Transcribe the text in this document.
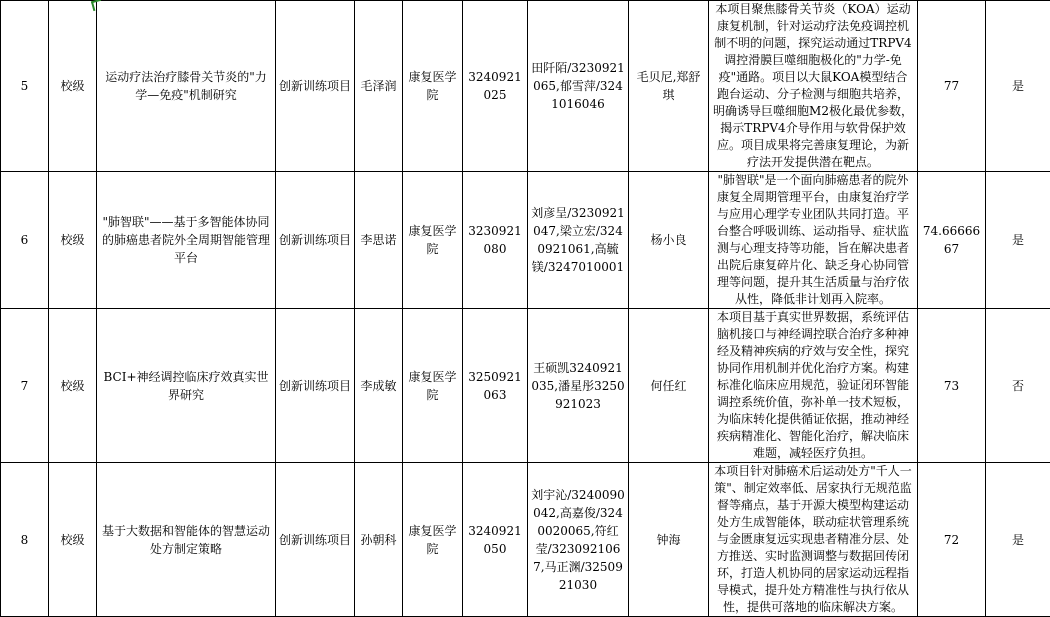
5	校级	运动疗法治疗膝骨关节炎的"力学—免疫"机制研究	创新训练项目	毛泽润	康复医学院	3240921025	田阡陌/3230921065,郁雪萍/3241016046	毛贝尼,郑舒琪	本项目聚焦膝骨关节炎（KOA）运动康复机制，针对运动疗法免疫调控机制不明的问题，探究运动通过TRPV4调控滑膜巨噬细胞极化的"力学-免疫"通路。项目以大鼠KOA模型结合跑台运动、分子检测与细胞共培养，明确诱导巨噬细胞M2极化最优参数，揭示TRPV4介导作用与软骨保护效应。项目成果将完善康复理论，为新疗法开发提供潜在靶点。	77	是
6	校级	"肺智联"——基于多智能体协同的肺癌患者院外全周期智能管理平台	创新训练项目	李思诺	康复医学院	3230921080	刘彦呈/3230921047,梁立宏/3240921061,高毓镁/3247010001	杨小良	"肺智联"是一个面向肺癌患者的院外康复全周期管理平台，由康复治疗学与应用心理学专业团队共同打造。平台整合呼吸训练、运动指导、症状监测与心理支持等功能，旨在解决患者出院后康复碎片化、缺乏身心协同管理等问题，提升其生活质量与治疗依从性，降低非计划再入院率。	74.6666667	是
7	校级	BCI+神经调控临床疗效真实世界研究	创新训练项目	李成敏	康复医学院	3250921063	王硕凯3240921035,潘星彤3250921023	何任红	本项目基于真实世界数据，系统评估脑机接口与神经调控联合治疗多种神经及精神疾病的疗效与安全性，探究协同作用机制并优化治疗方案。构建标准化临床应用规范，验证闭环智能调控系统价值，弥补单一技术短板，为临床转化提供循证依据，推动神经疾病精准化、智能化治疗，解决临床难题，减轻医疗负担。	73	否
8	校级	基于大数据和智能体的智慧运动处方制定策略	创新训练项目	孙朝科	康复医学院	3240921050	刘宇沁/3240090042,高嘉俊/3240020065,符红莹/3230921067,马正渊/3250921030	钟海	本项目针对肺癌术后运动处方"千人一策"、制定效率低、居家执行无规范监督等痛点，基于开源大模型构建运动处方生成智能体，联动症状管理系统与金匮康复远实现患者精准分层、处方推送、实时监测调整与数据回传闭环，打造人机协同的居家运动远程指导模式，提升处方精准性与执行依从性，提供可落地的临床解决方案。	72	是
